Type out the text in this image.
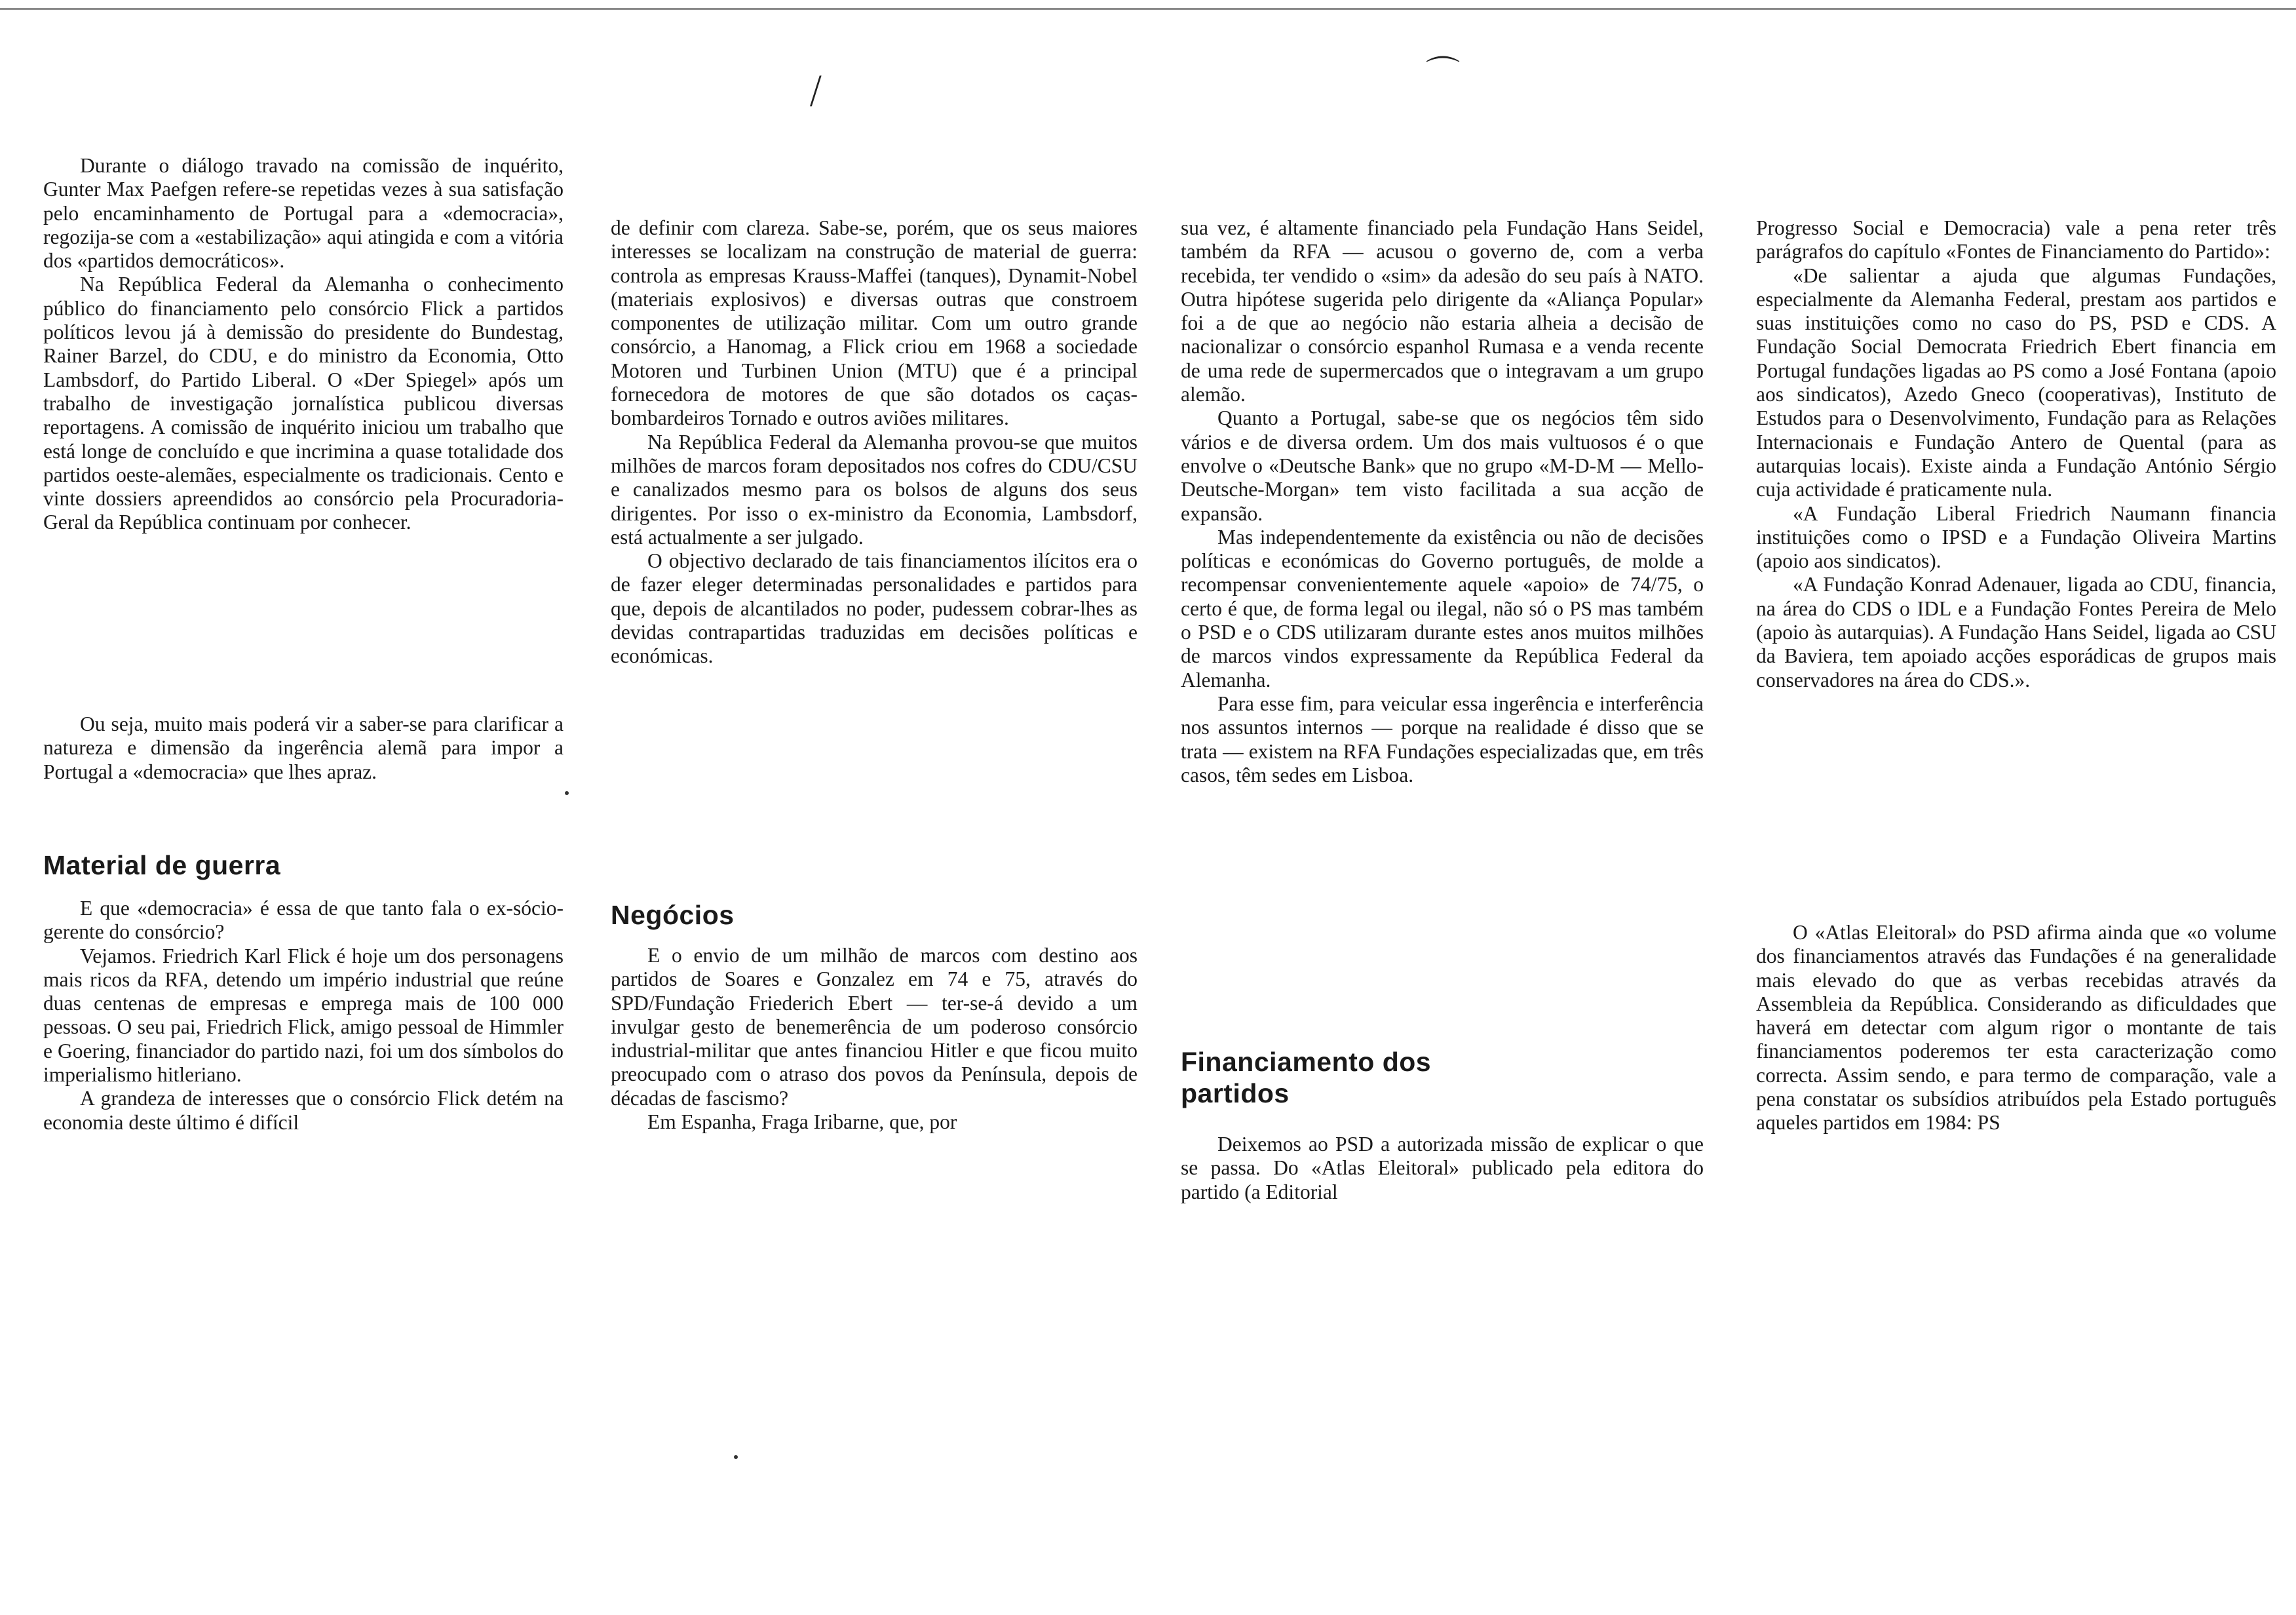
⧸	⌒

Durante o diálogo travado na comissão de inquérito, Gunter Max Paefgen refere-se repetidas vezes à sua satisfação pelo encaminhamento de Portugal para a «democracia», regozija-se com a «estabilização» aqui atingida e com a vitória dos «partidos democráticos».

Na República Federal da Alemanha o conhecimento público do financiamento pelo consórcio Flick a partidos políticos levou já à demissão do presidente do Bundestag, Rainer Barzel, do CDU, e do ministro da Economia, Otto Lambsdorf, do Partido Liberal. O «Der Spiegel» após um trabalho de investigação jornalística publicou diversas reportagens. A comissão de inquérito iniciou um trabalho que está longe de concluído e que incrimina a quase totalidade dos partidos oeste-alemães, especialmente os tradicionais. Cento e vinte dossiers apreendidos ao consórcio pela Procuradoria-Geral da República continuam por conhecer.

Ou seja, muito mais poderá vir a saber-se para clarificar a natureza e dimensão da ingerência alemã para impor a Portugal a «democracia» que lhes apraz.

Material de guerra

E que «democracia» é essa de que tanto fala o ex-sócio-gerente do consórcio?

Vejamos. Friedrich Karl Flick é hoje um dos personagens mais ricos da RFA, detendo um império industrial que reúne duas centenas de empresas e emprega mais de 100 000 pessoas. O seu pai, Friedrich Flick, amigo pessoal de Himmler e Goering, financiador do partido nazi, foi um dos símbolos do imperialismo hitleriano.

A grandeza de interesses que o consórcio Flick detém na economia deste último é difícil

de definir com clareza. Sabe-se, porém, que os seus maiores interesses se localizam na construção de material de guerra: controla as empresas Krauss-Maffei (tanques), Dynamit-Nobel (materiais explosivos) e diversas outras que constroem componentes de utilização militar. Com um outro grande consórcio, a Hanomag, a Flick criou em 1968 a sociedade Motoren und Turbinen Union (MTU) que é a principal fornecedora de motores de que são dotados os caças-bombardeiros Tornado e outros aviões militares.

Na República Federal da Alemanha provou-se que muitos milhões de marcos foram depositados nos cofres do CDU/CSU e canalizados mesmo para os bolsos de alguns dos seus dirigentes. Por isso o ex-ministro da Economia, Lambsdorf, está actualmente a ser julgado.

O objectivo declarado de tais financiamentos ilícitos era o de fazer eleger determinadas personalidades e partidos para que, depois de alcantilados no poder, pudessem cobrar-lhes as devidas contrapartidas traduzidas em decisões políticas e económicas.

Negócios

E o envio de um milhão de marcos com destino aos partidos de Soares e Gonzalez em 74 e 75, através do SPD/Fundação Friederich Ebert — ter-se-á devido a um invulgar gesto de benemerência de um poderoso consórcio industrial-militar que antes financiou Hitler e que ficou muito preocupado com o atraso dos povos da Península, depois de décadas de fascismo?

Em Espanha, Fraga Iribarne, que, por

sua vez, é altamente financiado pela Fundação Hans Seidel, também da RFA — acusou o governo de, com a verba recebida, ter vendido o «sim» da adesão do seu país à NATO. Outra hipótese sugerida pelo dirigente da «Aliança Popular» foi a de que ao negócio não estaria alheia a decisão de nacionalizar o consórcio espanhol Rumasa e a venda recente de uma rede de supermercados que o integravam a um grupo alemão.

Quanto a Portugal, sabe-se que os negócios têm sido vários e de diversa ordem. Um dos mais vultuosos é o que envolve o «Deutsche Bank» que no grupo «M-D-M — Mello-Deutsche-Morgan» tem visto facilitada a sua acção de expansão.

Mas independentemente da existência ou não de decisões políticas e económicas do Governo português, de molde a recompensar convenientemente aquele «apoio» de 74/75, o certo é que, de forma legal ou ilegal, não só o PS mas também o PSD e o CDS utilizaram durante estes anos muitos milhões de marcos vindos expressamente da República Federal da Alemanha.

Para esse fim, para veicular essa ingerência e interferência nos assuntos internos — porque na realidade é disso que se trata — existem na RFA Fundações especializadas que, em três casos, têm sedes em Lisboa.

Financiamento dos partidos

Deixemos ao PSD a autorizada missão de explicar o que se passa. Do «Atlas Eleitoral» publicado pela editora do partido (a Editorial

Progresso Social e Democracia) vale a pena reter três parágrafos do capítulo «Fontes de Financiamento do Partido»:

«De salientar a ajuda que algumas Fundações, especialmente da Alemanha Federal, prestam aos partidos e suas instituições como no caso do PS, PSD e CDS. A Fundação Social Democrata Friedrich Ebert financia em Portugal fundações ligadas ao PS como a José Fontana (apoio aos sindicatos), Azedo Gneco (cooperativas), Instituto de Estudos para o Desenvolvimento, Fundação para as Relações Internacionais e Fundação Antero de Quental (para as autarquias locais). Existe ainda a Fundação António Sérgio cuja actividade é praticamente nula.

«A Fundação Liberal Friedrich Naumann financia instituições como o IPSD e a Fundação Oliveira Martins (apoio aos sindicatos).

«A Fundação Konrad Adenauer, ligada ao CDU, financia, na área do CDS o IDL e a Fundação Fontes Pereira de Melo (apoio às autarquias). A Fundação Hans Seidel, ligada ao CSU da Baviera, tem apoiado acções esporádicas de grupos mais conservadores na área do CDS.».

O «Atlas Eleitoral» do PSD afirma ainda que «o volume dos financiamentos através das Fundações é na generalidade mais elevado do que as verbas recebidas através da Assembleia da República. Considerando as dificuldades que haverá em detectar com algum rigor o montante de tais financiamentos poderemos ter esta caracterização como correcta. Assim sendo, e para termo de comparação, vale a pena constatar os subsídios atribuídos pela Estado português aqueles partidos em 1984: PS
